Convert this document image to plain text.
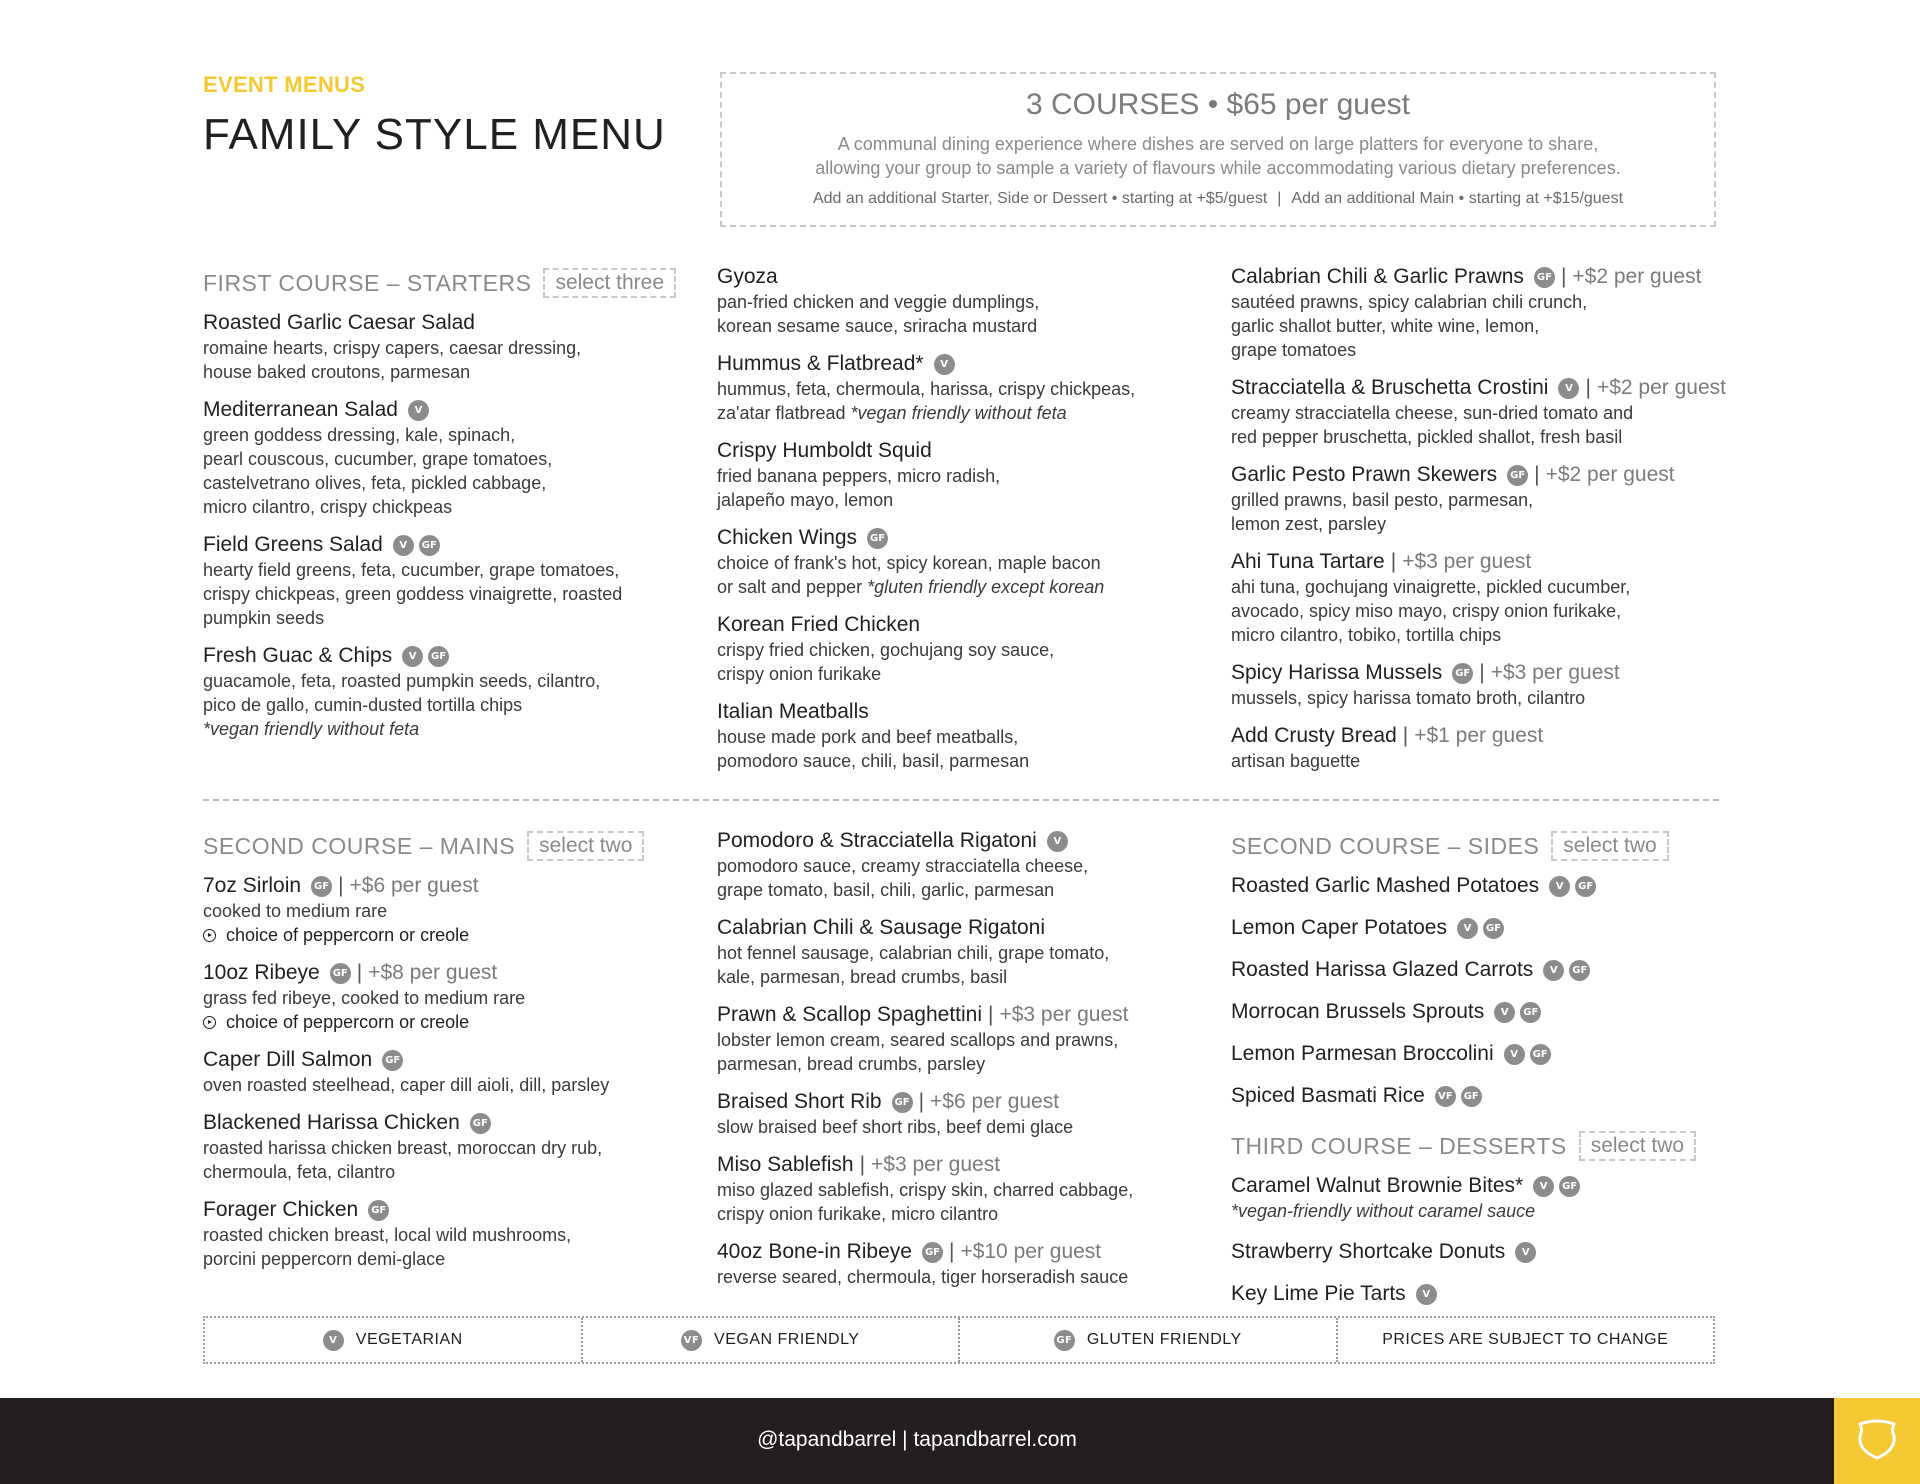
EVENT MENUS
FAMILY STYLE MENU
3 COURSES • $65 per guest
A communal dining experience where dishes are served on large platters for everyone to share,
allowing your group to sample a variety of flavours while accommodating various dietary preferences.
Add an additional Starter, Side or Dessert • starting at +$5/guest | Add an additional Main • starting at +$15/guest
FIRST COURSE – STARTERS	select three
Roasted Garlic Caesar Salad
romaine hearts, crispy capers, caesar dressing,
house baked croutons, parmesan
Mediterranean Salad	V
green goddess dressing, kale, spinach,
pearl couscous, cucumber, grape tomatoes,
castelvetrano olives, feta, pickled cabbage,
micro cilantro, crispy chickpeas
Field Greens Salad	V	GF
hearty field greens, feta, cucumber, grape tomatoes,
crispy chickpeas, green goddess vinaigrette, roasted
pumpkin seeds
Fresh Guac & Chips	V	GF
guacamole, feta, roasted pumpkin seeds, cilantro,
pico de gallo, cumin-dusted tortilla chips
*vegan friendly without feta
Gyoza
pan-fried chicken and veggie dumplings,
korean sesame sauce, sriracha mustard
Hummus & Flatbread*	V
hummus, feta, chermoula, harissa, crispy chickpeas,
za'atar flatbread *vegan friendly without feta
Crispy Humboldt Squid
fried banana peppers, micro radish,
jalapeño mayo, lemon
Chicken Wings GF
choice of frank's hot, spicy korean, maple bacon
or salt and pepper *gluten friendly except korean
Korean Fried Chicken
crispy fried chicken, gochujang soy sauce,
crispy onion furikake
Italian Meatballs
house made pork and beef meatballs,
pomodoro sauce, chili, basil, parmesan
Calabrian Chili & Garlic Prawns GF | +$2 per guest
sautéed prawns, spicy calabrian chili crunch,
garlic shallot butter, white wine, lemon,
grape tomatoes
Stracciatella & Bruschetta Crostini	V	| +$2 per guest
creamy stracciatella cheese, sun-dried tomato and
red pepper bruschetta, pickled shallot, fresh basil
Garlic Pesto Prawn Skewers GF | +$2 per guest
grilled prawns, basil pesto, parmesan,
lemon zest, parsley
Ahi Tuna Tartare | +$3 per guest
ahi tuna, gochujang vinaigrette, pickled cucumber,
avocado, spicy miso mayo, crispy onion furikake,
micro cilantro, tobiko, tortilla chips
Spicy Harissa Mussels GF | +$3 per guest
mussels, spicy harissa tomato broth, cilantro
Add Crusty Bread | +$1 per guest
artisan baguette
SECOND COURSE – MAINS	select two
7oz Sirloin GF | +$6 per guest
cooked to medium rare
choice of peppercorn or creole
10oz Ribeye GF | +$8 per guest
grass fed ribeye, cooked to medium rare
choice of peppercorn or creole
Caper Dill Salmon GF
oven roasted steelhead, caper dill aioli, dill, parsley
Blackened Harissa Chicken GF
roasted harissa chicken breast, moroccan dry rub,
chermoula, feta, cilantro
Forager Chicken GF
roasted chicken breast, local wild mushrooms,
porcini peppercorn demi-glace
Pomodoro & Stracciatella Rigatoni	V
pomodoro sauce, creamy stracciatella cheese,
grape tomato, basil, chili, garlic, parmesan
Calabrian Chili & Sausage Rigatoni
hot fennel sausage, calabrian chili, grape tomato,
kale, parmesan, bread crumbs, basil
Prawn & Scallop Spaghettini | +$3 per guest
lobster lemon cream, seared scallops and prawns,
parmesan, bread crumbs, parsley
Braised Short Rib GF | +$6 per guest
slow braised beef short ribs, beef demi glace
Miso Sablefish | +$3 per guest
miso glazed sablefish, crispy skin, charred cabbage,
crispy onion furikake, micro cilantro
40oz Bone-in Ribeye GF | +$10 per guest
reverse seared, chermoula, tiger horseradish sauce
SECOND COURSE – SIDES	select two
Roasted Garlic Mashed Potatoes	V	GF
Lemon Caper Potatoes	V	GF
Roasted Harissa Glazed Carrots	V	GF
Morrocan Brussels Sprouts	V	GF
Lemon Parmesan Broccolini	V	GF
Spiced Basmati Rice	VF	GF
THIRD COURSE – DESSERTS	select two
Caramel Walnut Brownie Bites*	V	GF
*vegan-friendly without caramel sauce
Strawberry Shortcake Donuts	V
Key Lime Pie Tarts	V
V	VEGETARIAN	VF VEGAN FRIENDLY	GF GLUTEN FRIENDLY	PRICES ARE SUBJECT TO CHANGE
@tapandbarrel | tapandbarrel.com
